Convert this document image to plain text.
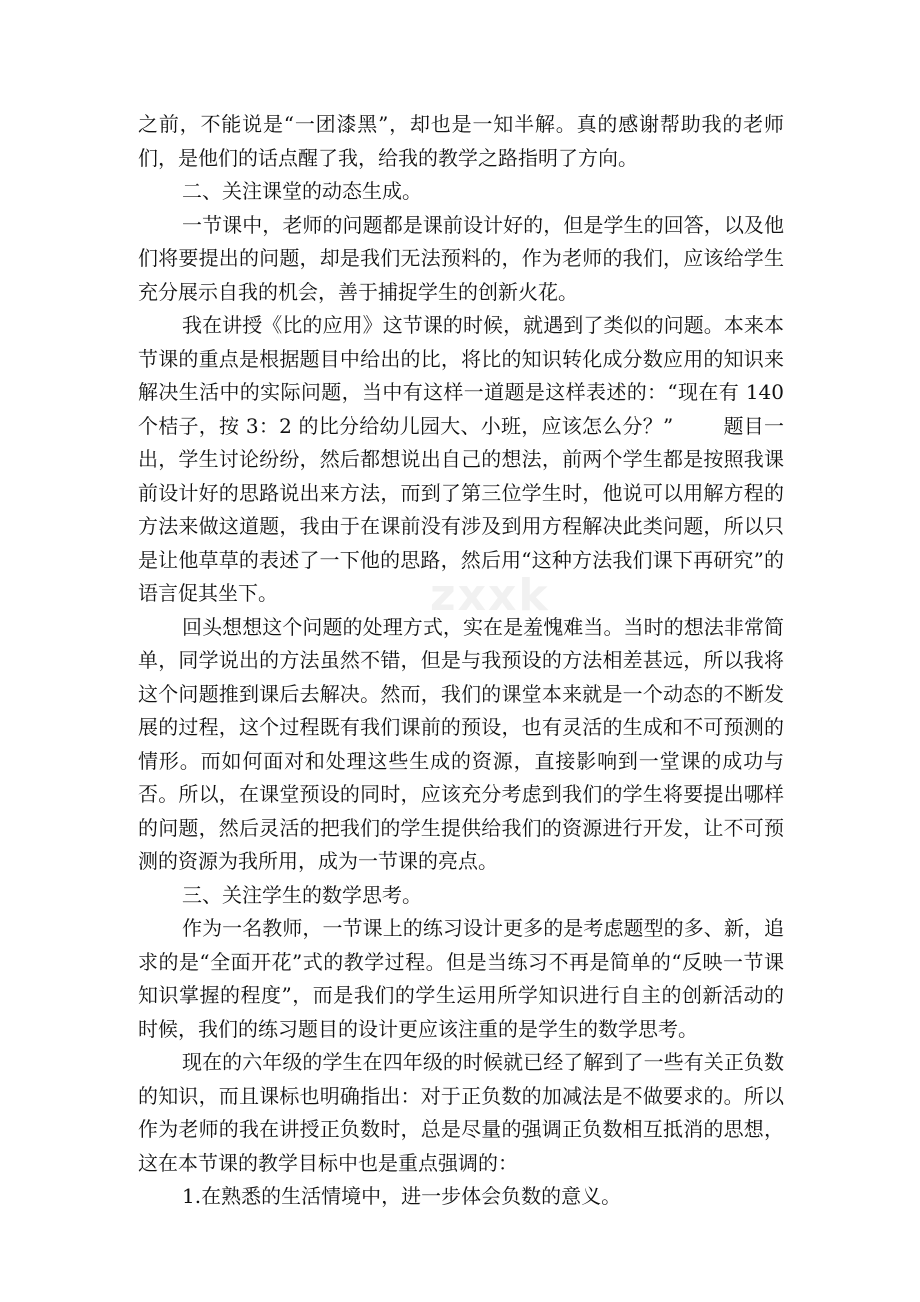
之前，不能说是“一团漆黑”，却也是一知半解。真的感谢帮助我的老师们，是他们的话点醒了我，给我的教学之路指明了方向。

二、关注课堂的动态生成。

一节课中，老师的问题都是课前设计好的，但是学生的回答，以及他们将要提出的问题，却是我们无法预料的，作为老师的我们，应该给学生充分展示自我的机会，善于捕捉学生的创新火花。

我在讲授《比的应用》这节课的时候，就遇到了类似的问题。本来本节课的重点是根据题目中给出的比，将比的知识转化成分数应用的知识来解决生活中的实际问题，当中有这样一道题是这样表述的：“现在有 140 个桔子，按 3：2 的比分给幼儿园大、小班，应该怎么分？”	题目一出，学生讨论纷纷，然后都想说出自己的想法，前两个学生都是按照我课前设计好的思路说出来方法，而到了第三位学生时，他说可以用解方程的方法来做这道题，我由于在课前没有涉及到用方程解决此类问题，所以只是让他草草的表述了一下他的思路，然后用“这种方法我们课下再研究”的语言促其坐下。

回头想想这个问题的处理方式，实在是羞愧难当。当时的想法非常简单，同学说出的方法虽然不错，但是与我预设的方法相差甚远，所以我将这个问题推到课后去解决。然而，我们的课堂本来就是一个动态的不断发展的过程，这个过程既有我们课前的预设，也有灵活的生成和不可预测的情形。而如何面对和处理这些生成的资源，直接影响到一堂课的成功与否。所以，在课堂预设的同时，应该充分考虑到我们的学生将要提出哪样的问题，然后灵活的把我们的学生提供给我们的资源进行开发，让不可预测的资源为我所用，成为一节课的亮点。

三、关注学生的数学思考。

作为一名教师，一节课上的练习设计更多的是考虑题型的多、新，追求的是“全面开花”式的教学过程。但是当练习不再是简单的“反映一节课知识掌握的程度”，而是我们的学生运用所学知识进行自主的创新活动的时候，我们的练习题目的设计更应该注重的是学生的数学思考。

现在的六年级的学生在四年级的时候就已经了解到了一些有关正负数的知识，而且课标也明确指出：对于正负数的加减法是不做要求的。所以作为老师的我在讲授正负数时，总是尽量的强调正负数相互抵消的思想，这在本节课的教学目标中也是重点强调的：

1.在熟悉的生活情境中，进一步体会负数的意义。

zxxk
